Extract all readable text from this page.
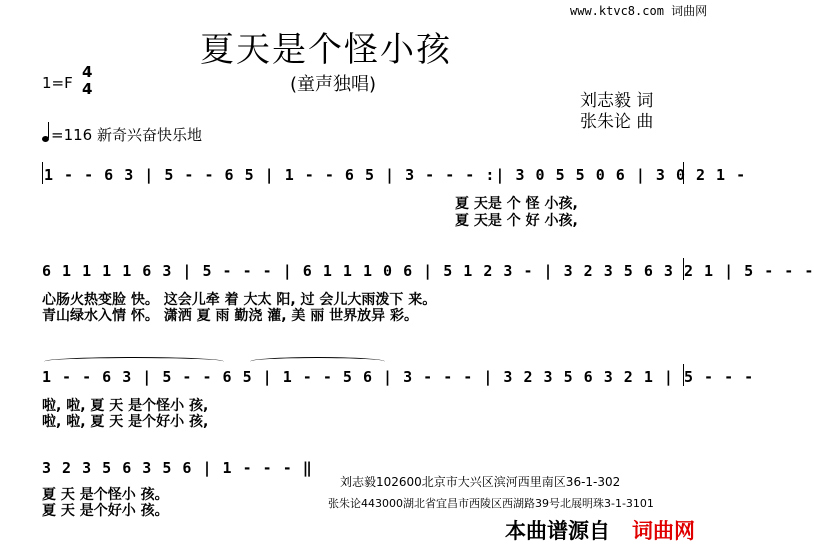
www.ktvc8.com 词曲网
夏天是个怪小孩
(童声独唱)
1=F
4
4
刘志毅 词
张朱论 曲
=116 新奇兴奋快乐地
1 - - 6 3 | 5 - - 6 5 | 1 - - 6 5 | 3 - - - :| 3 0 5 5 0 6 | 3 0 2 1 -
夏 天是 个 怪 小孩,
夏 天是 个 好 小孩,
6 1 1 1 1 6 3 | 5 - - - | 6 1 1 1 0 6 | 5 1 2 3 - | 3 2 3 5 6 3 2 1 | 5 - - -
心肠火热变脸 快。 这会儿牵 着 大太 阳, 过 会儿大雨泼下 来。
青山绿水入情 怀。 潇洒 夏 雨 勤浇 灌, 美 丽 世界放异 彩。
1 - - 6 3 | 5 - - 6 5 | 1 - - 5 6 | 3 - - - | 3 2 3 5 6 3 2 1 | 5 - - -
啦, 啦, 夏 天 是个怪小 孩,
啦, 啦, 夏 天 是个好小 孩,
3 2 3 5 6 3 5 6 | 1 - - - ‖
夏 天 是个怪小 孩。
夏 天 是个好小 孩。
刘志毅102600北京市大兴区滨河西里南区36-1-302
张朱论443000湖北省宜昌市西陵区西湖路39号北展明珠3-1-3101
本曲谱源自 词曲网
